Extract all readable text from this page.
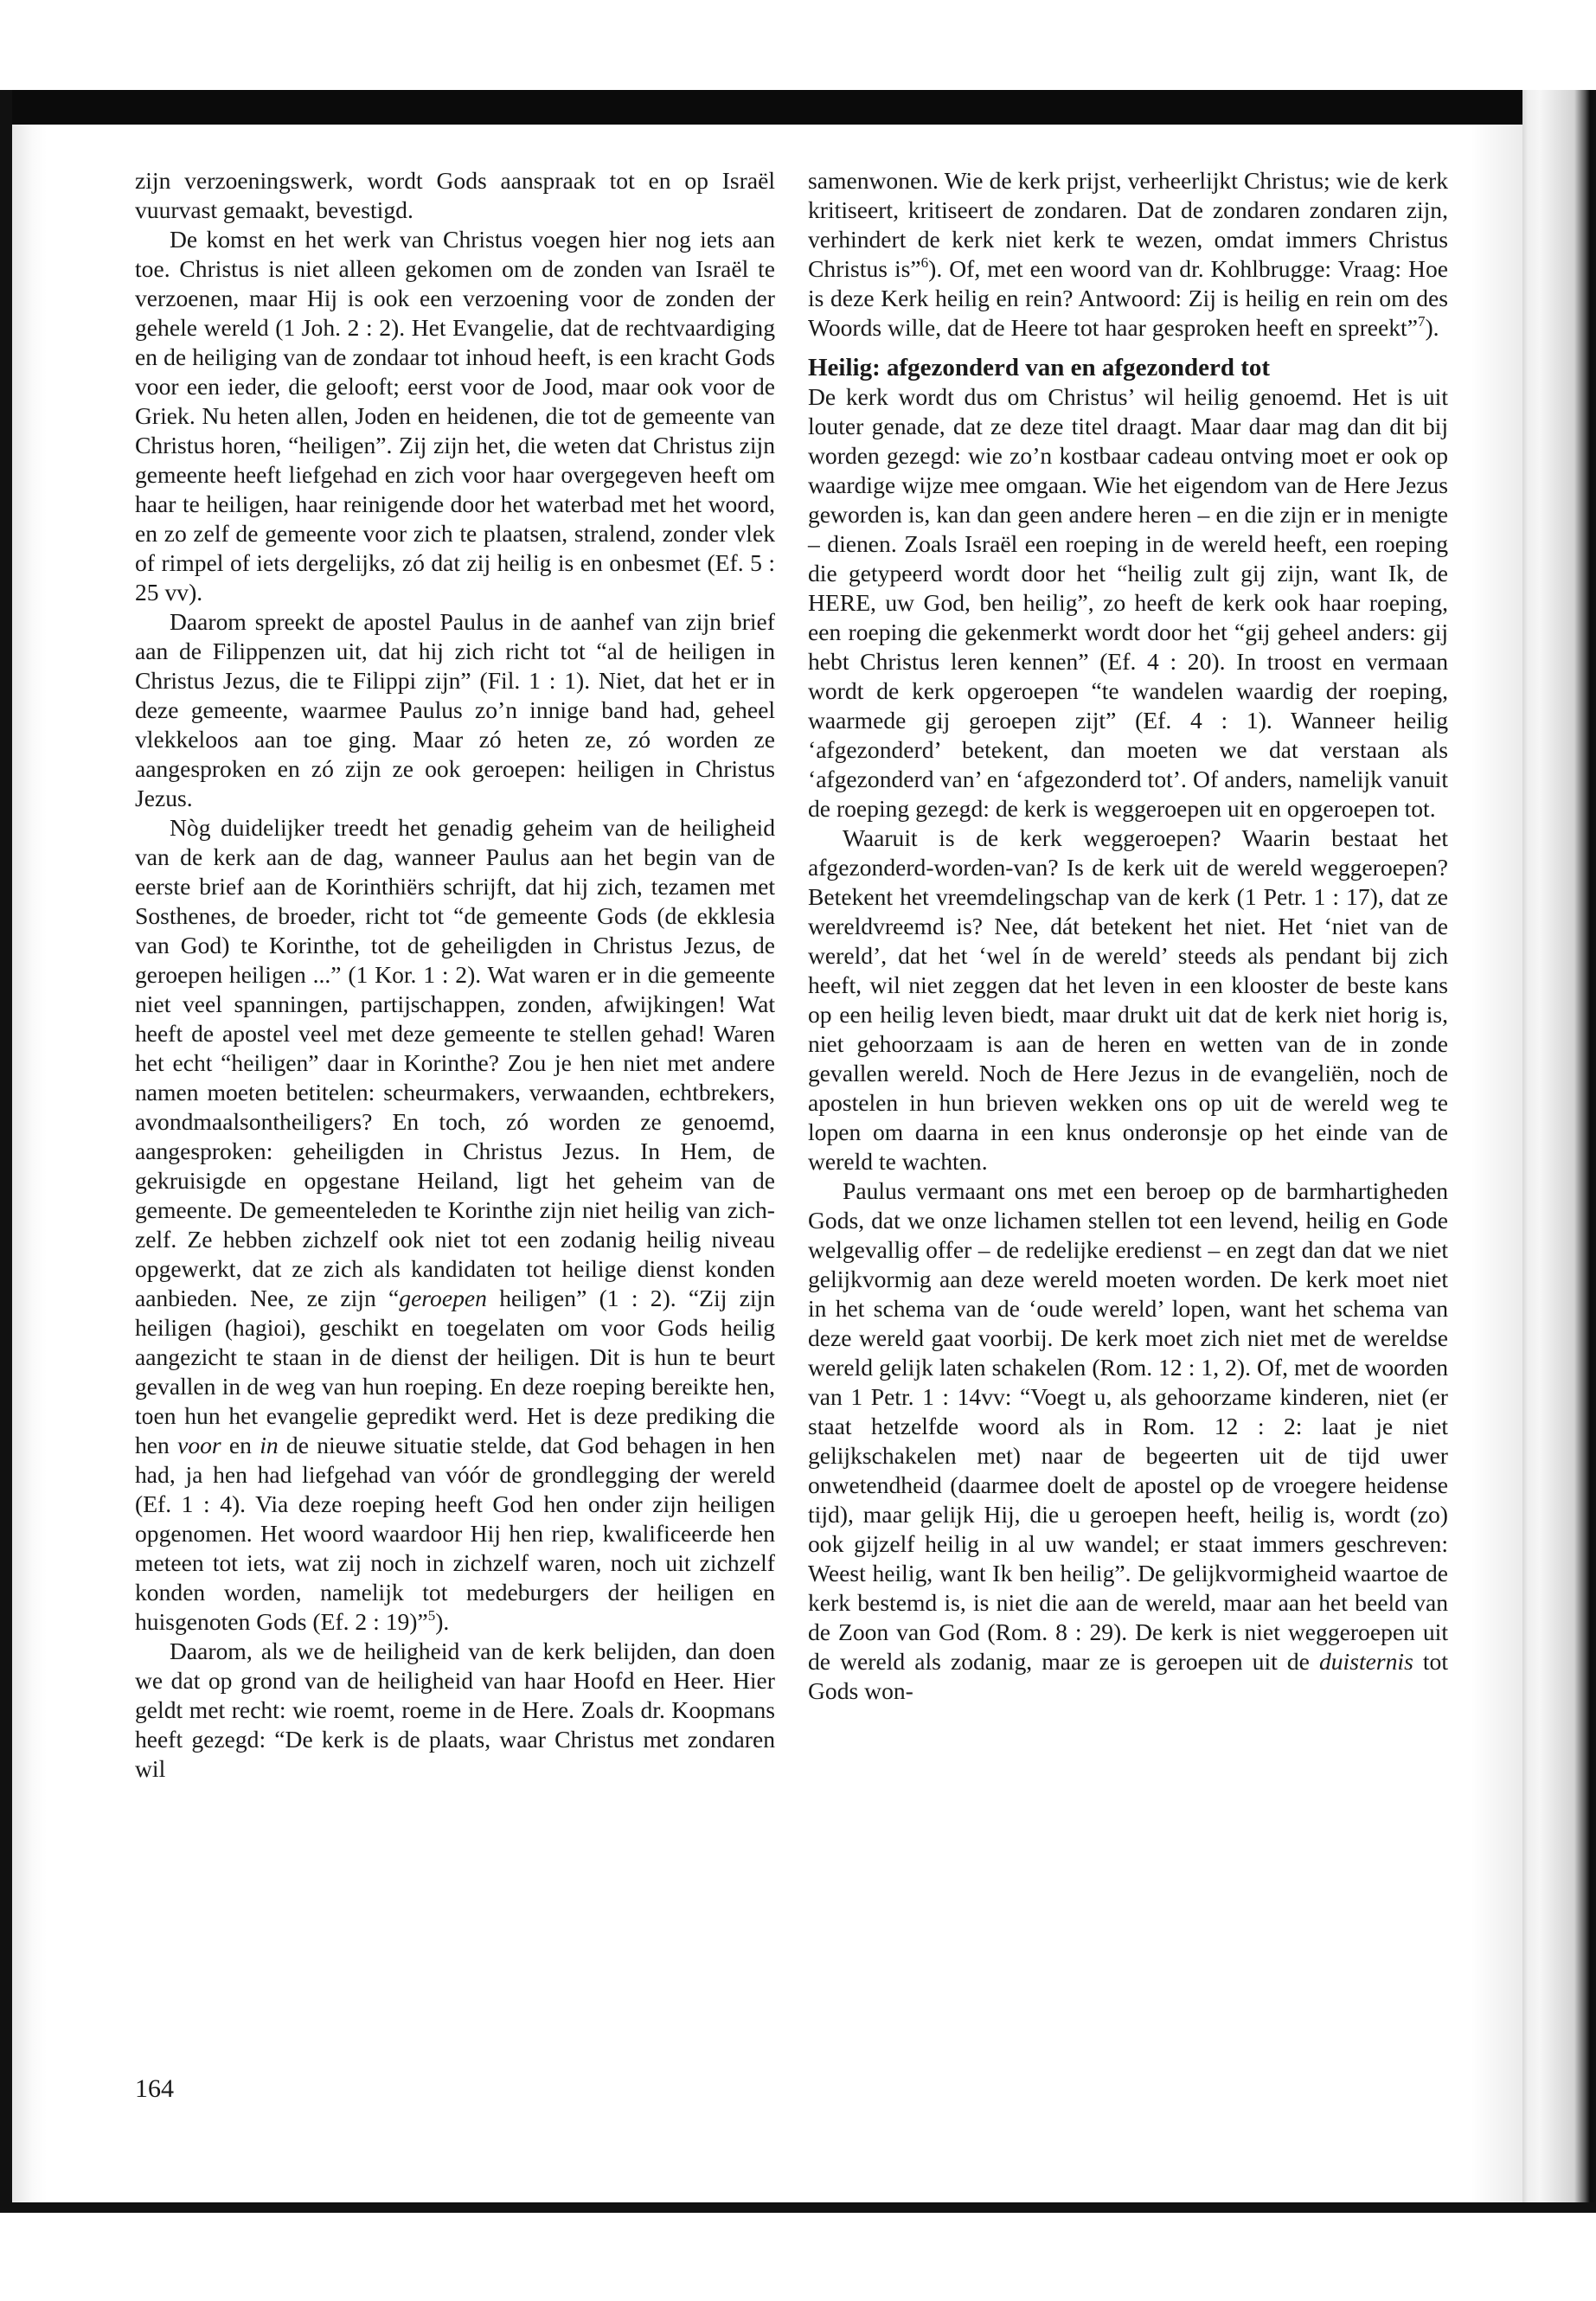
zijn verzoeningswerk, wordt Gods aanspraak tot en op Israël vuurvast gemaakt, bevestigd.

De komst en het werk van Christus voegen hier nog iets aan toe. Christus is niet alleen gekomen om de zonden van Israël te verzoenen, maar Hij is ook een verzoening voor de zonden der gehele wereld (1 Joh. 2 : 2). Het Evangelie, dat de rechtvaardiging en de heiliging van de zondaar tot inhoud heeft, is een kracht Gods voor een ieder, die gelooft; eerst voor de Jood, maar ook voor de Griek. Nu heten allen, Joden en heidenen, die tot de gemeente van Christus horen, “heiligen”. Zij zijn het, die weten dat Christus zijn gemeente heeft liefgehad en zich voor haar overgegeven heeft om haar te heiligen, haar reinigende door het waterbad met het woord, en zo zelf de gemeente voor zich te plaatsen, stralend, zonder vlek of rimpel of iets dergelijks, zó dat zij heilig is en onbesmet (Ef. 5 : 25 vv).

Daarom spreekt de apostel Paulus in de aanhef van zijn brief aan de Filippenzen uit, dat hij zich richt tot “al de heiligen in Christus Jezus, die te Filippi zijn” (Fil. 1 : 1). Niet, dat het er in deze gemeente, waarmee Paulus zo’n innige band had, geheel vlekkeloos aan toe ging. Maar zó heten ze, zó worden ze aangesproken en zó zijn ze ook geroepen: heiligen in Christus Jezus.

Nòg duidelijker treedt het genadig geheim van de heiligheid van de kerk aan de dag, wanneer Paulus aan het begin van de eerste brief aan de Korinthiërs schrijft, dat hij zich, tezamen met Sosthenes, de broeder, richt tot “de gemeente Gods (de ekklesia van God) te Korinthe, tot de geheiligden in Christus Jezus, de geroepen heiligen ...” (1 Kor. 1 : 2). Wat waren er in die gemeente niet veel spanningen, partijschappen, zonden, afwijkingen! Wat heeft de apostel veel met deze gemeente te stellen gehad! Waren het echt “heiligen” daar in Korinthe? Zou je hen niet met andere namen moeten betitelen: scheurmakers, verwaanden, echtbrekers, avondmaalsontheiligers? En toch, zó worden ze genoemd, aangesproken: geheiligden in Christus Jezus. In Hem, de gekruisigde en opgestane Heiland, ligt het geheim van de gemeente. De gemeenteleden te Korinthe zijn niet heilig van zichzelf. Ze hebben zichzelf ook niet tot een zodanig heilig niveau opgewerkt, dat ze zich als kandidaten tot heilige dienst konden aanbieden. Nee, ze zijn “geroepen heiligen” (1 : 2). “Zij zijn heiligen (hagioi), geschikt en toegelaten om voor Gods heilig aangezicht te staan in de dienst der heiligen. Dit is hun te beurt gevallen in de weg van hun roeping. En deze roeping bereikte hen, toen hun het evangelie gepredikt werd. Het is deze prediking die hen voor en in de nieuwe situatie stelde, dat God behagen in hen had, ja hen had liefgehad van vóór de grondlegging der wereld (Ef. 1 : 4). Via deze roeping heeft God hen onder zijn heiligen opgenomen. Het woord waardoor Hij hen riep, kwalificeerde hen meteen tot iets, wat zij noch in zichzelf waren, noch uit zichzelf konden worden, namelijk tot medeburgers der heiligen en huisgenoten Gods (Ef. 2 : 19)”$^5$).

Daarom, als we de heiligheid van de kerk belijden, dan doen we dat op grond van de heiligheid van haar Hoofd en Heer. Hier geldt met recht: wie roemt, roeme in de Here. Zoals dr. Koopmans heeft gezegd: “De kerk is de plaats, waar Christus met zondaren wil

samenwonen. Wie de kerk prijst, verheerlijkt Christus; wie de kerk kritiseert, kritiseert de zondaren. Dat de zondaren zondaren zijn, verhindert de kerk niet kerk te wezen, omdat immers Christus Christus is”$^6$). Of, met een woord van dr. Kohlbrugge: Vraag: Hoe is deze Kerk heilig en rein? Antwoord: Zij is heilig en rein om des Woords wille, dat de Heere tot haar gesproken heeft en spreekt”$^7$).

Heilig: afgezonderd van en afgezonderd tot

De kerk wordt dus om Christus’ wil heilig genoemd. Het is uit louter genade, dat ze deze titel draagt. Maar daar mag dan dit bij worden gezegd: wie zo’n kostbaar cadeau ontving moet er ook op waardige wijze mee omgaan. Wie het eigendom van de Here Jezus geworden is, kan dan geen andere heren – en die zijn er in menigte – dienen. Zoals Israël een roeping in de wereld heeft, een roeping die getypeerd wordt door het “heilig zult gij zijn, want Ik, de HERE, uw God, ben heilig”, zo heeft de kerk ook haar roeping, een roeping die gekenmerkt wordt door het “gij geheel anders: gij hebt Christus leren kennen” (Ef. 4 : 20). In troost en vermaan wordt de kerk opgeroepen “te wandelen waardig der roeping, waarmede gij geroepen zijt” (Ef. 4 : 1). Wanneer heilig ‘afgezonderd’ betekent, dan moeten we dat verstaan als ‘afgezonderd van’ en ‘afgezonderd tot’. Of anders, namelijk vanuit de roeping gezegd: de kerk is weggeroepen uit en opgeroepen tot.

Waaruit is de kerk weggeroepen? Waarin bestaat het afgezonderd-worden-van? Is de kerk uit de wereld weggeroepen? Betekent het vreemdelingschap van de kerk (1 Petr. 1 : 17), dat ze wereldvreemd is? Nee, dát betekent het niet. Het ‘niet van de wereld’, dat het ‘wel ín de wereld’ steeds als pendant bij zich heeft, wil niet zeggen dat het leven in een klooster de beste kans op een heilig leven biedt, maar drukt uit dat de kerk niet horig is, niet gehoorzaam is aan de heren en wetten van de in zonde gevallen wereld. Noch de Here Jezus in de evangeliën, noch de apostelen in hun brieven wekken ons op uit de wereld weg te lopen om daarna in een knus onderonsje op het einde van de wereld te wachten.

Paulus vermaant ons met een beroep op de barmhartigheden Gods, dat we onze lichamen stellen tot een levend, heilig en Gode welgevallig offer – de redelijke eredienst – en zegt dan dat we niet gelijkvormig aan deze wereld moeten worden. De kerk moet niet in het schema van de ‘oude wereld’ lopen, want het schema van deze wereld gaat voorbij. De kerk moet zich niet met de wereldse wereld gelijk laten schakelen (Rom. 12 : 1, 2). Of, met de woorden van 1 Petr. 1 : 14vv: “Voegt u, als gehoorzame kinderen, niet (er staat hetzelfde woord als in Rom. 12 : 2: laat je niet gelijkschakelen met) naar de begeerten uit de tijd uwer onwetendheid (daarmee doelt de apostel op de vroegere heidense tijd), maar gelijk Hij, die u geroepen heeft, heilig is, wordt (zo) ook gijzelf heilig in al uw wandel; er staat immers geschreven: Weest heilig, want Ik ben heilig”. De gelijkvormigheid waartoe de kerk bestemd is, is niet die aan de wereld, maar aan het beeld van de Zoon van God (Rom. 8 : 29). De kerk is niet weggeroepen uit de wereld als zodanig, maar ze is geroepen uit de duisternis tot Gods won-

164
